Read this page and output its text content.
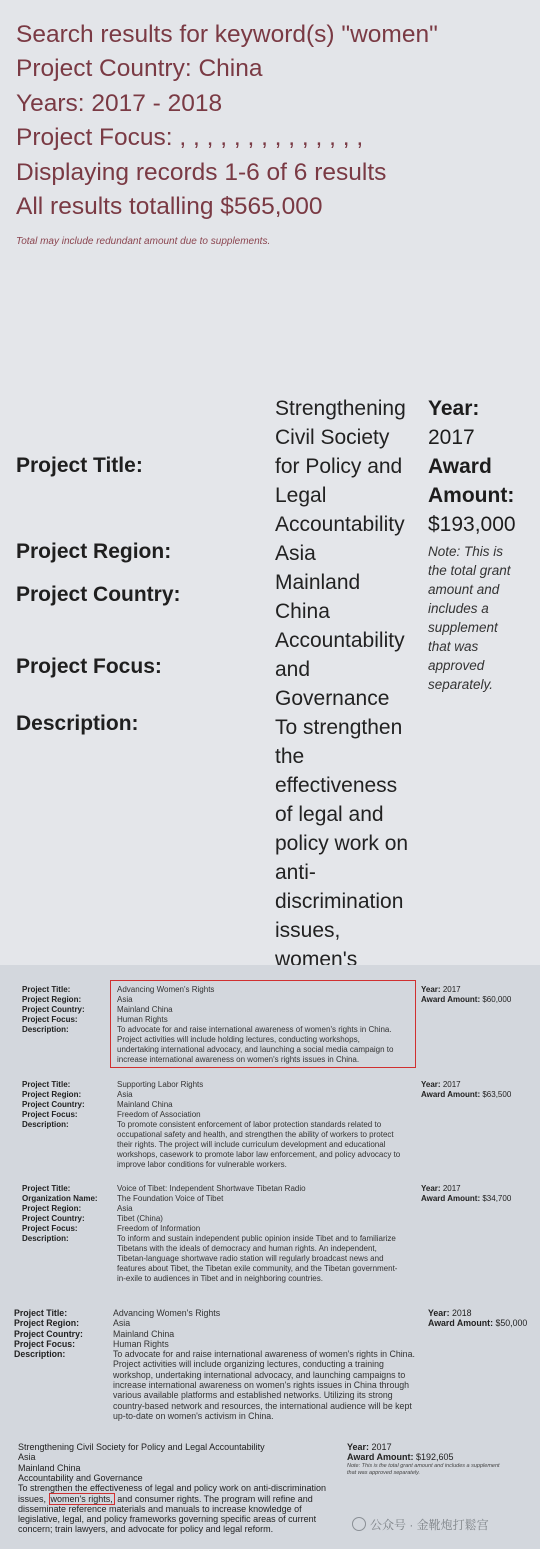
Search results for keyword(s) "women"
Project Country: China
Years: 2017 - 2018
Project Focus: , , , , , , , , , , , , , ,
Displaying records 1-6 of 6 results
All results totalling $565,000
Total may include redundant amount due to supplements.
Project Title:
Project Region:
Project Country:
Project Focus:
Description:
Strengthening
Civil Society
for Policy and
Legal
Accountability
Asia
Mainland
China
Accountability
and
Governance
To strengthen
the
effectiveness
of legal and
policy work on
anti-
discrimination
issues,
women's
Year:
2017
Award
Amount:
$193,000
Note: This is
the total grant
amount and
includes a
supplement
that was
approved
separately.
Project Title:
Project Region:
Project Country:
Project Focus:
Description:
Advancing Women's Rights
Asia
Mainland China
Human Rights
To advocate for and raise international awareness of women's rights in China.
Project activities will include holding lectures, conducting workshops,
undertaking international advocacy, and launching a social media campaign to
increase international awareness on women's rights issues in China.
Year: 2017
Award Amount: $60,000
Project Title:
Project Region:
Project Country:
Project Focus:
Description:
Supporting Labor Rights
Asia
Mainland China
Freedom of Association
To promote consistent enforcement of labor protection standards related to
occupational safety and health, and strengthen the ability of workers to protect
their rights. The project will include curriculum development and educational
workshops, casework to promote labor law enforcement, and policy advocacy to
improve labor conditions for vulnerable workers.
Year: 2017
Award Amount: $63,500
Project Title:
Organization Name:
Project Region:
Project Country:
Project Focus:
Description:
Voice of Tibet: Independent Shortwave Tibetan Radio
The Foundation Voice of Tibet
Asia
Tibet (China)
Freedom of Information
To inform and sustain independent public opinion inside Tibet and to familiarize
Tibetans with the ideals of democracy and human rights. An independent,
Tibetan-language shortwave radio station will regularly broadcast news and
features about Tibet, the Tibetan exile community, and the Tibetan government-
in-exile to audiences in Tibet and in neighboring countries.
Year: 2017
Award Amount: $34,700
Project Title:
Project Region:
Project Country:
Project Focus:
Description:
Advancing Women's Rights
Asia
Mainland China
Human Rights
To advocate for and raise international awareness of women's rights in China.
Project activities will include organizing lectures, conducting a training
workshop, undertaking international advocacy, and launching campaigns to
increase international awareness on women's rights issues in China through
various available platforms and established networks. Utilizing its strong
country-based network and resources, the international audience will be kept
up-to-date on women's activism in China.
Year: 2018
Award Amount: $50,000
Strengthening Civil Society for Policy and Legal Accountability
Asia
Mainland China
Accountability and Governance
To strengthen the effectiveness of legal and policy work on anti-discrimination
issues, women's rights, and consumer rights. The program will refine and
disseminate reference materials and manuals to increase knowledge of
legislative, legal, and policy frameworks governing specific areas of current
concern; train lawyers, and advocate for policy and legal reform.
Year: 2017
Award Amount: $192,605
Note: This is the total grant amount and includes a supplement that was approved separately.
公众号 · 金靴炮打鬆宫
